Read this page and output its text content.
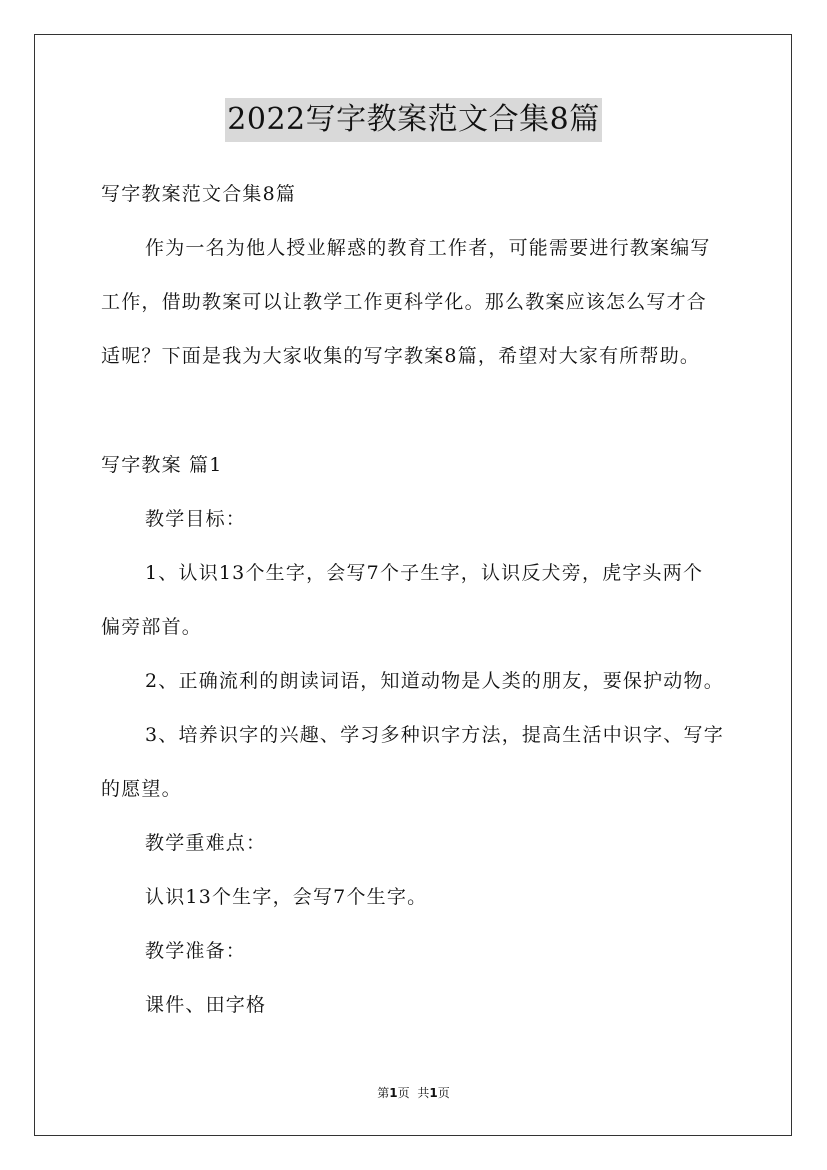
2022写字教案范文合集8篇
写字教案范文合集8篇
作为一名为他人授业解惑的教育工作者，可能需要进行教案编写
工作，借助教案可以让教学工作更科学化。那么教案应该怎么写才合
适呢？下面是我为大家收集的写字教案8篇，希望对大家有所帮助。
写字教案 篇1
教学目标：
1、认识13个生字，会写7个子生字，认识反犬旁，虎字头两个
偏旁部首。
2、正确流利的朗读词语，知道动物是人类的朋友，要保护动物。
3、培养识字的兴趣、学习多种识字方法，提高生活中识字、写字
的愿望。
教学重难点：
认识13个生字，会写7个生字。
教学准备：
课件、田字格
第1页 共1页
